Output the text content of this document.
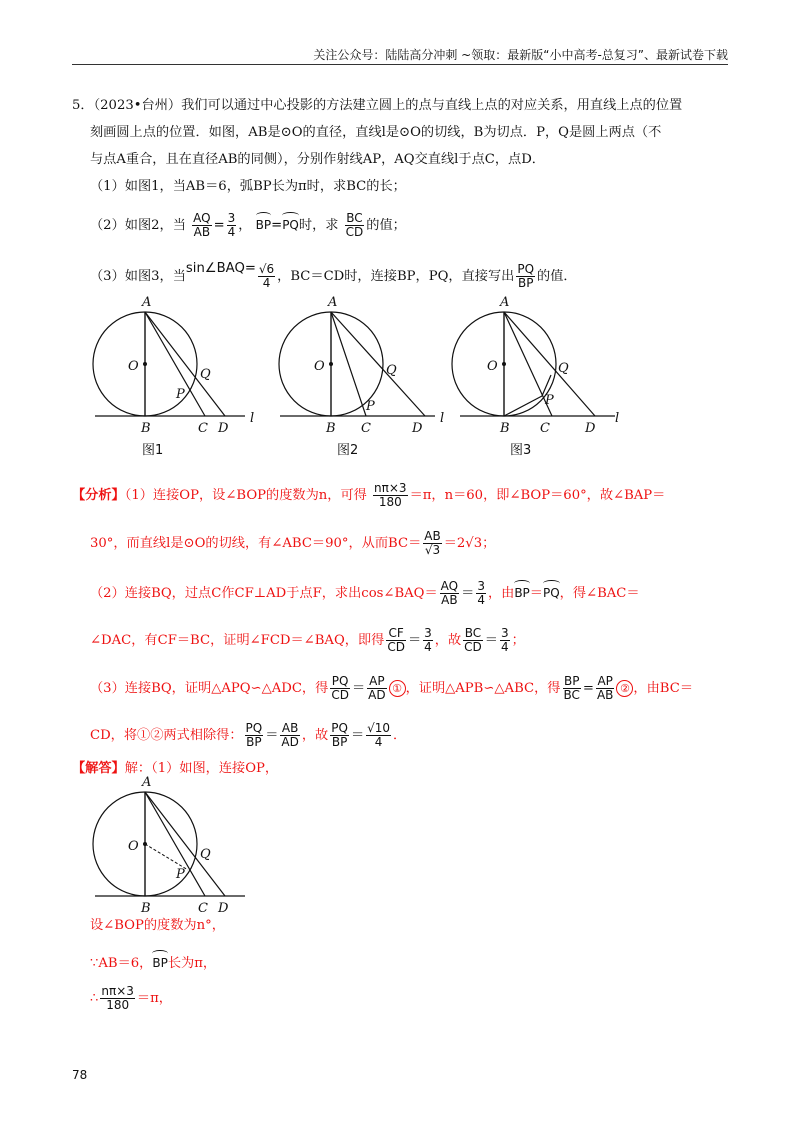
关注公众号：陆陆高分冲刺 ~领取：最新版“小中高考-总复习”、最新试卷下载
5．（2023•台州）我们可以通过中心投影的方法建立圆上的点与直线上点的对应关系，用直线上点的位置
刻画圆上点的位置．如图，AB是⊙O的直径，直线l是⊙O的切线，B为切点．P，Q是圆上两点（不
与点A重合，且在直径AB的同侧），分别作射线AP，AQ交直线l于点C，点D．
（1）如图1，当AB＝6，弧BP长为π时，求BC的长；
（2）如图2，当 $\frac{AQ}{AB} = \frac{3}{4}$ ， BP=PQ时，求 $\frac{BC}{CD}$ 的值；
（3）如图3，当sin∠BAQ= $\frac{√6}{4}$ ，BC＝CD时，连接BP，PQ，直接写出 $\frac{PQ}{BP}$ 的值．
A
O
P
Q
B	C D
l
图1
A
O
P
Q
B C	D
l
图2
A
O
P
Q
B C	D
l
图3
【分析】（1）连接OP，设∠BOP的度数为n，可得 $\frac{n\pi\times 3}{180} =\pi$，n＝60，即∠BOP＝60°，故∠BAP＝
30°，而直线l是⊙O的切线，有∠ABC＝90°，从而$BC= \frac{AB}{√3} =2√3$；
（2）连接BQ，过点C作CF⊥AD于点F，求出cos∠BAQ＝ $\frac{AQ}{AB} = \frac{3}{4}$ ，由BP＝PQ，得∠BAC＝
∠DAC，有CF＝BC，证明∠FCD＝∠BAQ，即得 $\frac{CF}{CD} = \frac{3}{4}$ ，故 $\frac{BC}{CD} = \frac{3}{4}$ ；
（3）连接BQ，证明△APQ∽△ADC，得 $\frac{PQ}{CD} = \frac{AP}{AD}$ ① ，证明△APB∽△ABC，得 $\frac{BP}{BC} = \frac{AP}{AB}$ ② ，由BC＝
CD，将①②两式相除得： $\frac{PQ}{BP} = \frac{AB}{AD}$ ，故 $\frac{PQ}{BP} = \frac{√10}{4}$ ．
【解答】解：（1）如图，连接OP，
A
O
P
Q
B	C D
设∠BOP的度数为n°，
∵AB＝6，BP长为π，
∴ $\frac{n\pi\times 3}{180} =\pi$，
78
